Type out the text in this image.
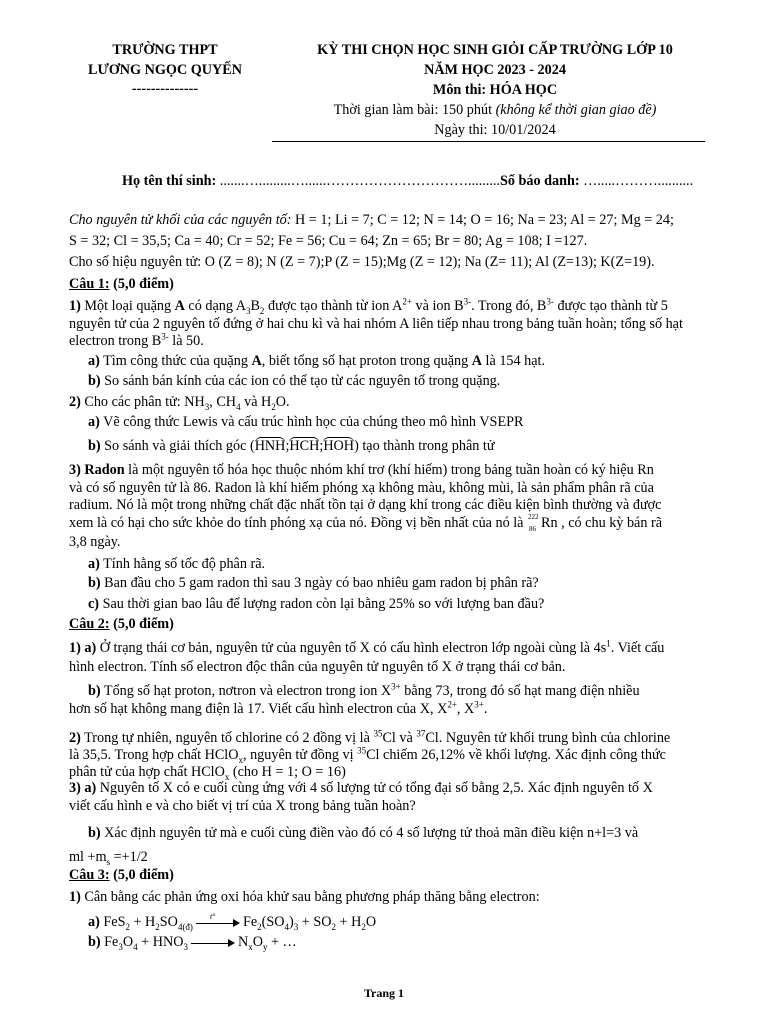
TRƯỜNG THPT
LƯƠNG NGỌC QUYẾN
--------------
KỲ THI CHỌN HỌC SINH GIỎI CẤP TRƯỜNG LỚP 10
NĂM HỌC 2023 - 2024
Môn thi: HÓA HỌC
Thời gian làm bài: 150 phút (không kể thời gian giao đề)
Ngày thi: 10/01/2024
Họ tên thí sinh: .......….........…......………………………….........Số báo danh: ….....………..........
Cho nguyên tử khối của các nguyên tố: H = 1; Li = 7; C = 12; N = 14; O = 16; Na = 23; Al = 27; Mg = 24;
S = 32; Cl = 35,5; Ca = 40; Cr = 52; Fe = 56; Cu = 64; Zn = 65; Br = 80; Ag = 108; I =127.
Cho số hiệu nguyên tử: O (Z = 8); N (Z = 7);P (Z = 15);Mg (Z = 12); Na (Z= 11); Al (Z=13); K(Z=19).
Câu 1: (5,0 điểm)
1) Một loại quặng A có dạng $A_3B_2$ được tạo thành từ ion $A^{2+}$ và ion $B^{3-}$. Trong đó, $B^{3-}$ được tạo thành từ 5
nguyên tử của 2 nguyên tố đứng ở hai chu kì và hai nhóm A liên tiếp nhau trong bảng tuần hoàn; tổng số hạt
electron trong $B^{3-}$ là 50.
a) Tìm công thức của quặng A, biết tổng số hạt proton trong quặng A là 154 hạt.
b) So sánh bán kính của các ion có thể tạo từ các nguyên tố trong quặng.
2) Cho các phân tử: $NH_3$, $CH_4$ và $H_2O$.
a) Vẽ công thức Lewis và cấu trúc hình học của chúng theo mô hình VSEPR
b) So sánh và giải thích góc (HNH;HCH;HOH) tạo thành trong phân tử
3) Radon là một nguyên tố hóa học thuộc nhóm khí trơ (khí hiếm) trong bảng tuần hoàn có ký hiệu Rn
và có số nguyên tử là 86. Radon là khí hiếm phóng xạ không màu, không mùi, là sản phẩm phân rã của
radium. Nó là một trong những chất đặc nhất tồn tại ở dạng khí trong các điều kiện bình thường và được
xem là có hại cho sức khỏe do tính phóng xạ của nó. Đồng vị bền nhất của nó là 222
86 Rn , có chu kỳ bán rã
3,8 ngày.
a) Tính hằng số tốc độ phân rã.
b) Ban đầu cho 5 gam radon thì sau 3 ngày có bao nhiêu gam radon bị phân rã?
c) Sau thời gian bao lâu để lượng radon còn lại bằng 25% so với lượng ban đầu?
Câu 2: (5,0 điểm)
1) a) Ở trạng thái cơ bản, nguyên tử của nguyên tố X có cấu hình electron lớp ngoài cùng là $4s^1$. Viết cấu
hình electron. Tính số electron độc thân của nguyên tử nguyên tố X ở trạng thái cơ bản.
b) Tổng số hạt proton, nơtron và electron trong ion $X^{3+}$ bằng 73, trong đó số hạt mang điện nhiều
hơn số hạt không mang điện là 17. Viết cấu hình electron của X, $X^{2+}$, $X^{3+}$.
2) Trong tự nhiên, nguyên tố chlorine có 2 đồng vị là $^{35}$Cl và $^{37}$Cl. Nguyên tử khối trung bình của chlorine
là 35,5. Trong hợp chất HClO$_x$, nguyên tử đồng vị $^{35}$Cl chiếm 26,12% về khối lượng. Xác định công thức
phân tử của hợp chất HClO$_x$ (cho H = 1; O = 16)
3) a) Nguyên tố X có e cuối cùng ứng với 4 số lượng tử có tổng đại số bằng 2,5. Xác định nguyên tố X
viết cấu hình e và cho biết vị trí của X trong bảng tuần hoàn?
b) Xác định nguyên tử mà e cuối cùng điền vào đó có 4 số lượng tử thoả mãn điều kiện n+l=3 và
ml $+m_s =+1/2$
Câu 3: (5,0 điểm)
1) Cân bằng các phản ứng oxi hóa khử sau bằng phương pháp thăng bằng electron:
a) $FeS_2 + H_2SO_{4(đ)}$
t° $Fe_2(SO_4)_3 + SO_2 + H_2O$
b) $Fe_3O_4 + HNO_3$	$N_xO_y$ + …
Trang 1
